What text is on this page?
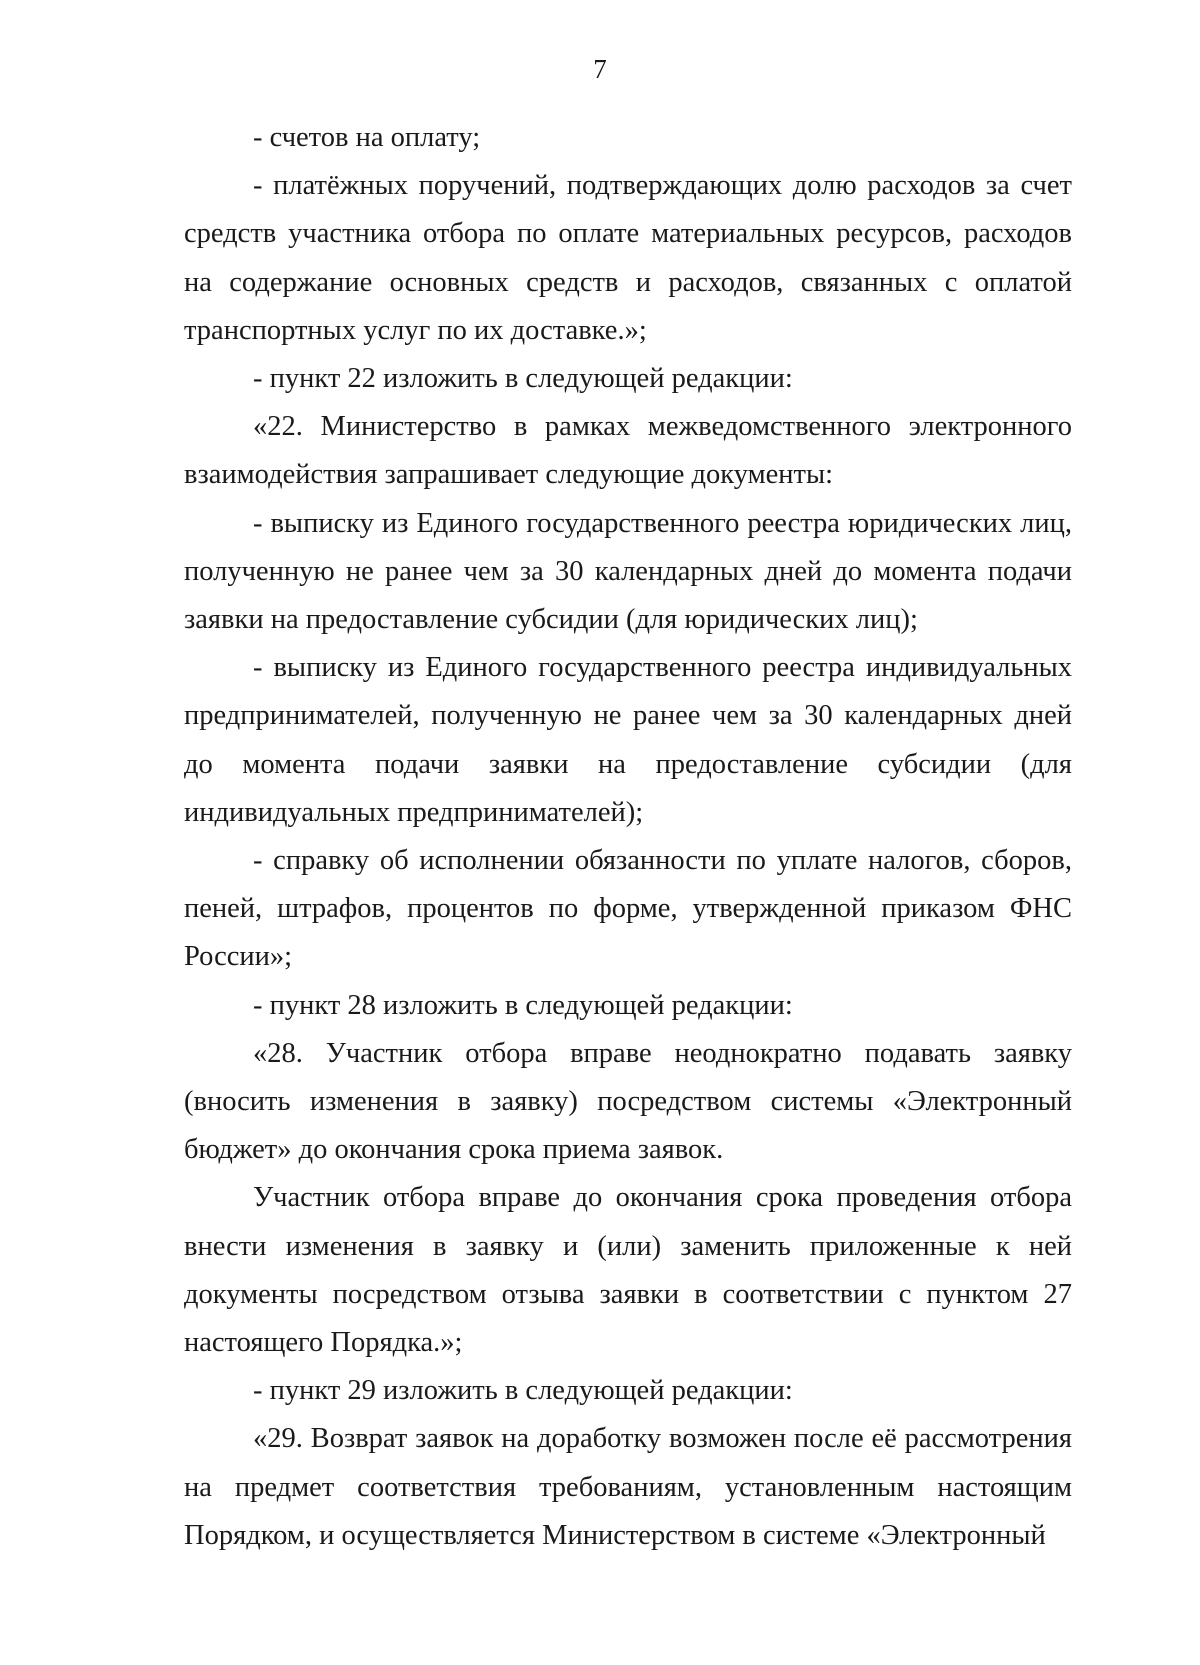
7

- счетов на оплату;

- платёжных поручений, подтверждающих долю расходов за счет средств участника отбора по оплате материальных ресурсов, расходов на содержание основных средств и расходов, связанных с оплатой транспортных услуг по их доставке.»;

- пункт 22 изложить в следующей редакции:

«22. Министерство в рамках межведомственного электронного взаимодействия запрашивает следующие документы:

- выписку из Единого государственного реестра юридических лиц, полученную не ранее чем за 30 календарных дней до момента подачи заявки на предоставление субсидии (для юридических лиц);

- выписку из Единого государственного реестра индивидуальных предпринимателей, полученную не ранее чем за 30 календарных дней до момента подачи заявки на предоставление субсидии (для индивидуальных предпринимателей);

- справку об исполнении обязанности по уплате налогов, сборов, пеней, штрафов, процентов по форме, утвержденной приказом ФНС России»;

- пункт 28 изложить в следующей редакции:

«28. Участник отбора вправе неоднократно подавать заявку (вносить изменения в заявку) посредством системы «Электронный бюджет» до окончания срока приема заявок.

Участник отбора вправе до окончания срока проведения отбора внести изменения в заявку и (или) заменить приложенные к ней документы посредством отзыва заявки в соответствии с пунктом 27 настоящего Порядка.»;

- пункт 29 изложить в следующей редакции:

«29. Возврат заявок на доработку возможен после её рассмотрения на предмет соответствия требованиям, установленным настоящим Порядком, и осуществляется Министерством в системе «Электронный
